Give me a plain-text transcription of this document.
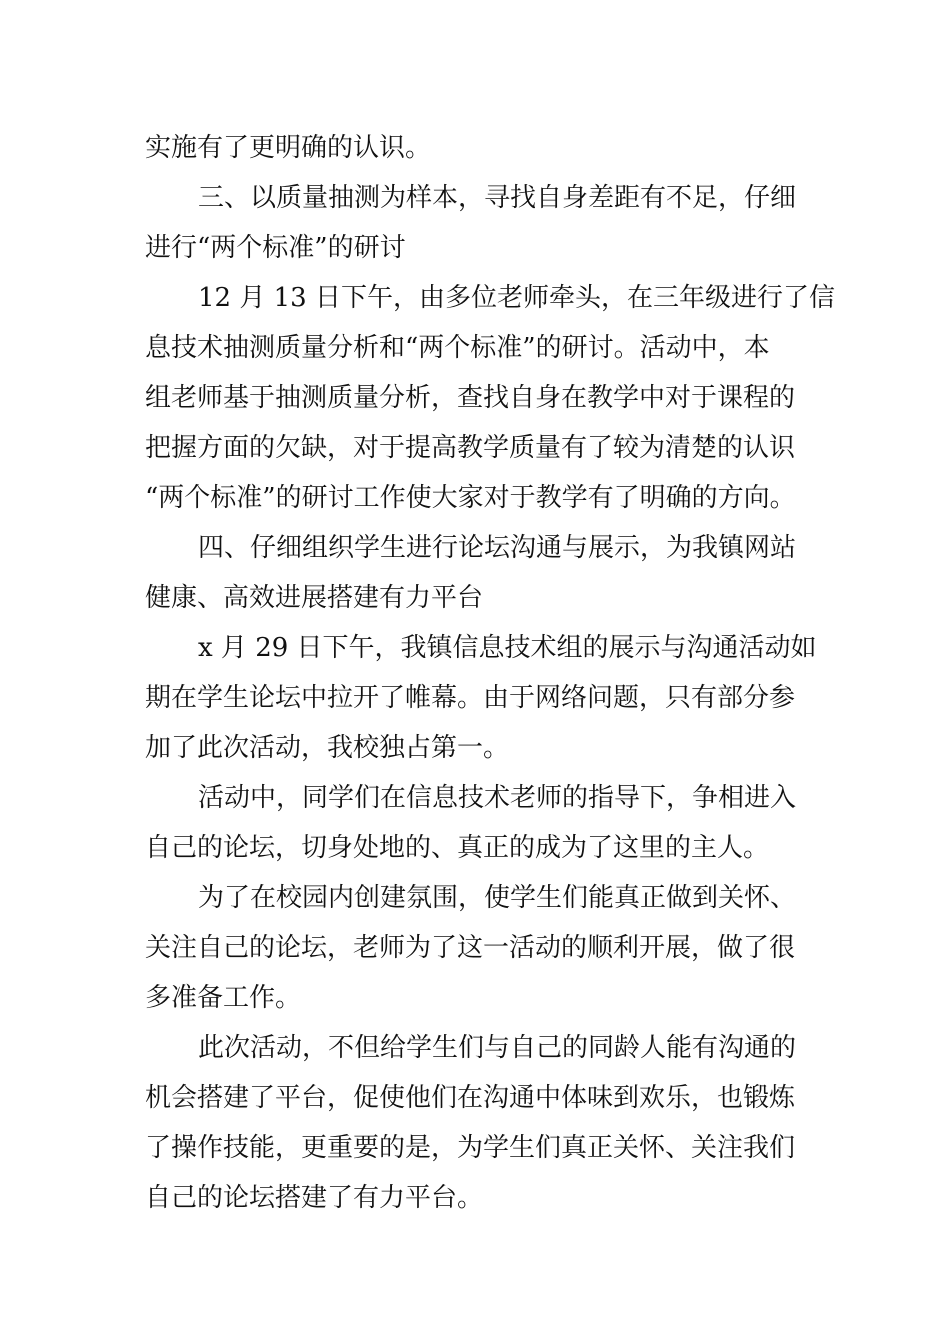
实施有了更明确的认识。
三、以质量抽测为样本，寻找自身差距有不足，仔细
进行“两个标准”的研讨
12 月 13 日下午，由多位老师牵头，在三年级进行了信
息技术抽测质量分析和“两个标准”的研讨。活动中，本
组老师基于抽测质量分析，查找自身在教学中对于课程的
把握方面的欠缺，对于提高教学质量有了较为清楚的认识
“两个标准”的研讨工作使大家对于教学有了明确的方向。
四、仔细组织学生进行论坛沟通与展示，为我镇网站
健康、高效进展搭建有力平台
x 月 29 日下午，我镇信息技术组的展示与沟通活动如
期在学生论坛中拉开了帷幕。由于网络问题，只有部分参
加了此次活动，我校独占第一。
活动中，同学们在信息技术老师的指导下，争相进入
自己的论坛，切身处地的、真正的成为了这里的主人。
为了在校园内创建氛围，使学生们能真正做到关怀、
关注自己的论坛，老师为了这一活动的顺利开展，做了很
多准备工作。
此次活动，不但给学生们与自己的同龄人能有沟通的
机会搭建了平台，促使他们在沟通中体味到欢乐，也锻炼
了操作技能，更重要的是，为学生们真正关怀、关注我们
自己的论坛搭建了有力平台。
